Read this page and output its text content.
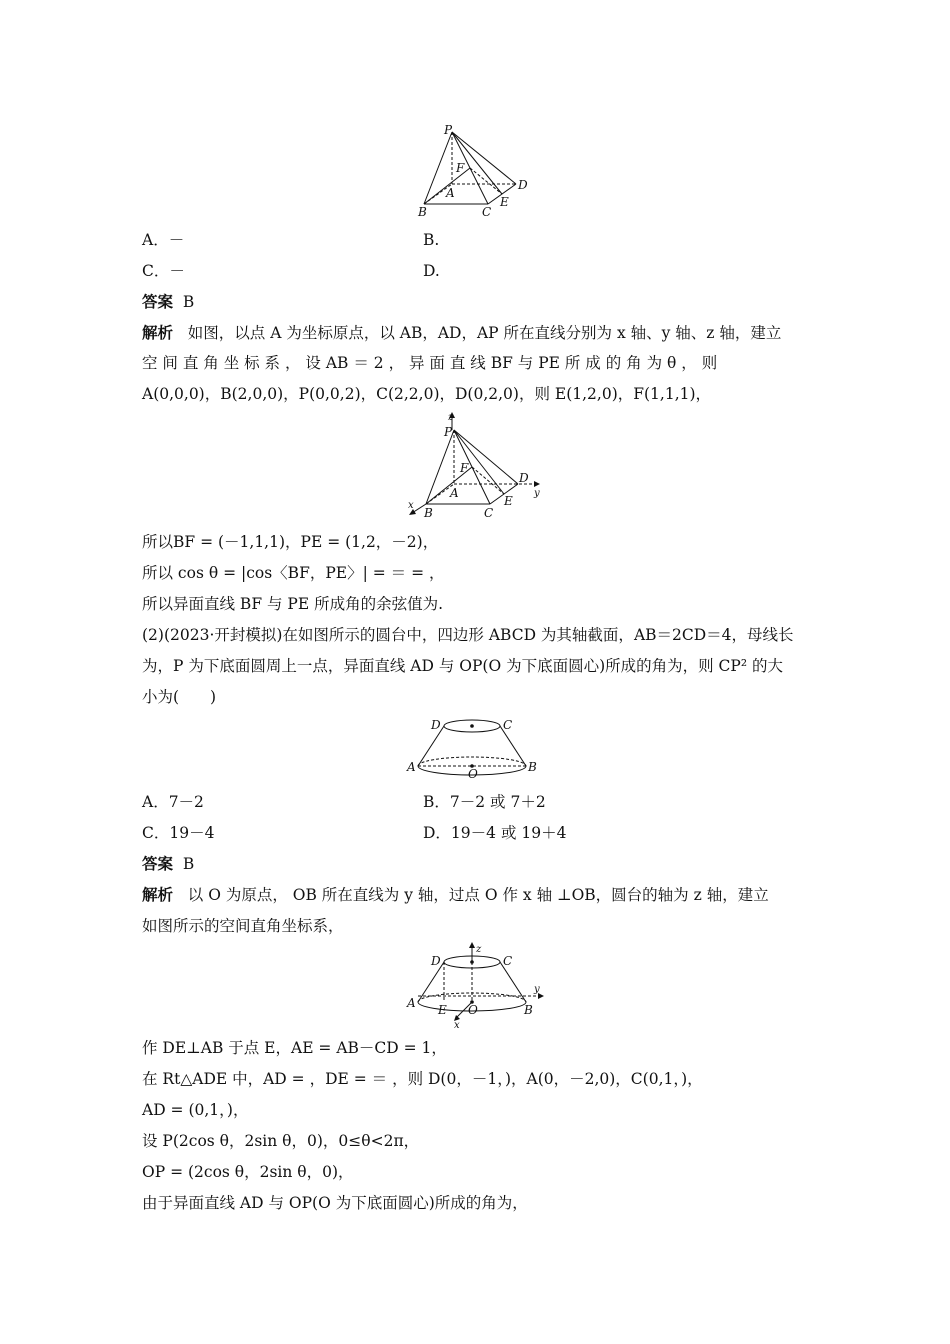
P
F
A
D
B	C
E
A．－	B.
C．－	D.
答案 B
解析 如图，以点 A 为坐标原点，以 AB，AD，AP 所在直线分别为 x 轴、y 轴、z 轴，建立
空 间 直 角 坐 标 系 ， 设 AB ＝ 2 ， 异 面 直 线 BF 与 PE 所 成 的 角 为 θ ， 则
A(0,0,0)，B(2,0,0)，P(0,0,2)，C(2,2,0)，D(0,2,0)，则 E(1,2,0)，F(1,1,1)，
z
P
F
A
D
y
x
B	C
E
所以BF = (－1,1,1)，PE = (1,2，－2)，
所以 cos θ = |cos〈BF，PE〉| = ＝ = ，
所以异面直线 BF 与 PE 所成角的余弦值为.
(2)(2023·开封模拟)在如图所示的圆台中，四边形 ABCD 为其轴截面，AB＝2CD＝4，母线长
为，P 为下底面圆周上一点，异面直线 AD 与 OP(O 为下底面圆心)所成的角为，则 CP² 的大
小为(　　)
D	C
A	O	B
A．7－2	B．7－2 或 7＋2
C．19－4	D．19－4 或 19＋4
答案 B
解析 以 O 为原点， OB 所在直线为 y 轴，过点 O 作 x 轴 ⊥OB，圆台的轴为 z 轴，建立
如图所示的空间直角坐标系，
z
D	C
y
A E O	B
x
作 DE⊥AB 于点 E，AE = AB－CD = 1，
在 Rt△ADE 中，AD = ，DE = ＝ ，则 D(0，－1，)，A(0，－2,0)，C(0,1，)，
AD = (0,1，)，
设 P(2cos θ，2sin θ，0)，0≤θ<2π，
OP = (2cos θ，2sin θ，0)，
由于异面直线 AD 与 OP(O 为下底面圆心)所成的角为，
